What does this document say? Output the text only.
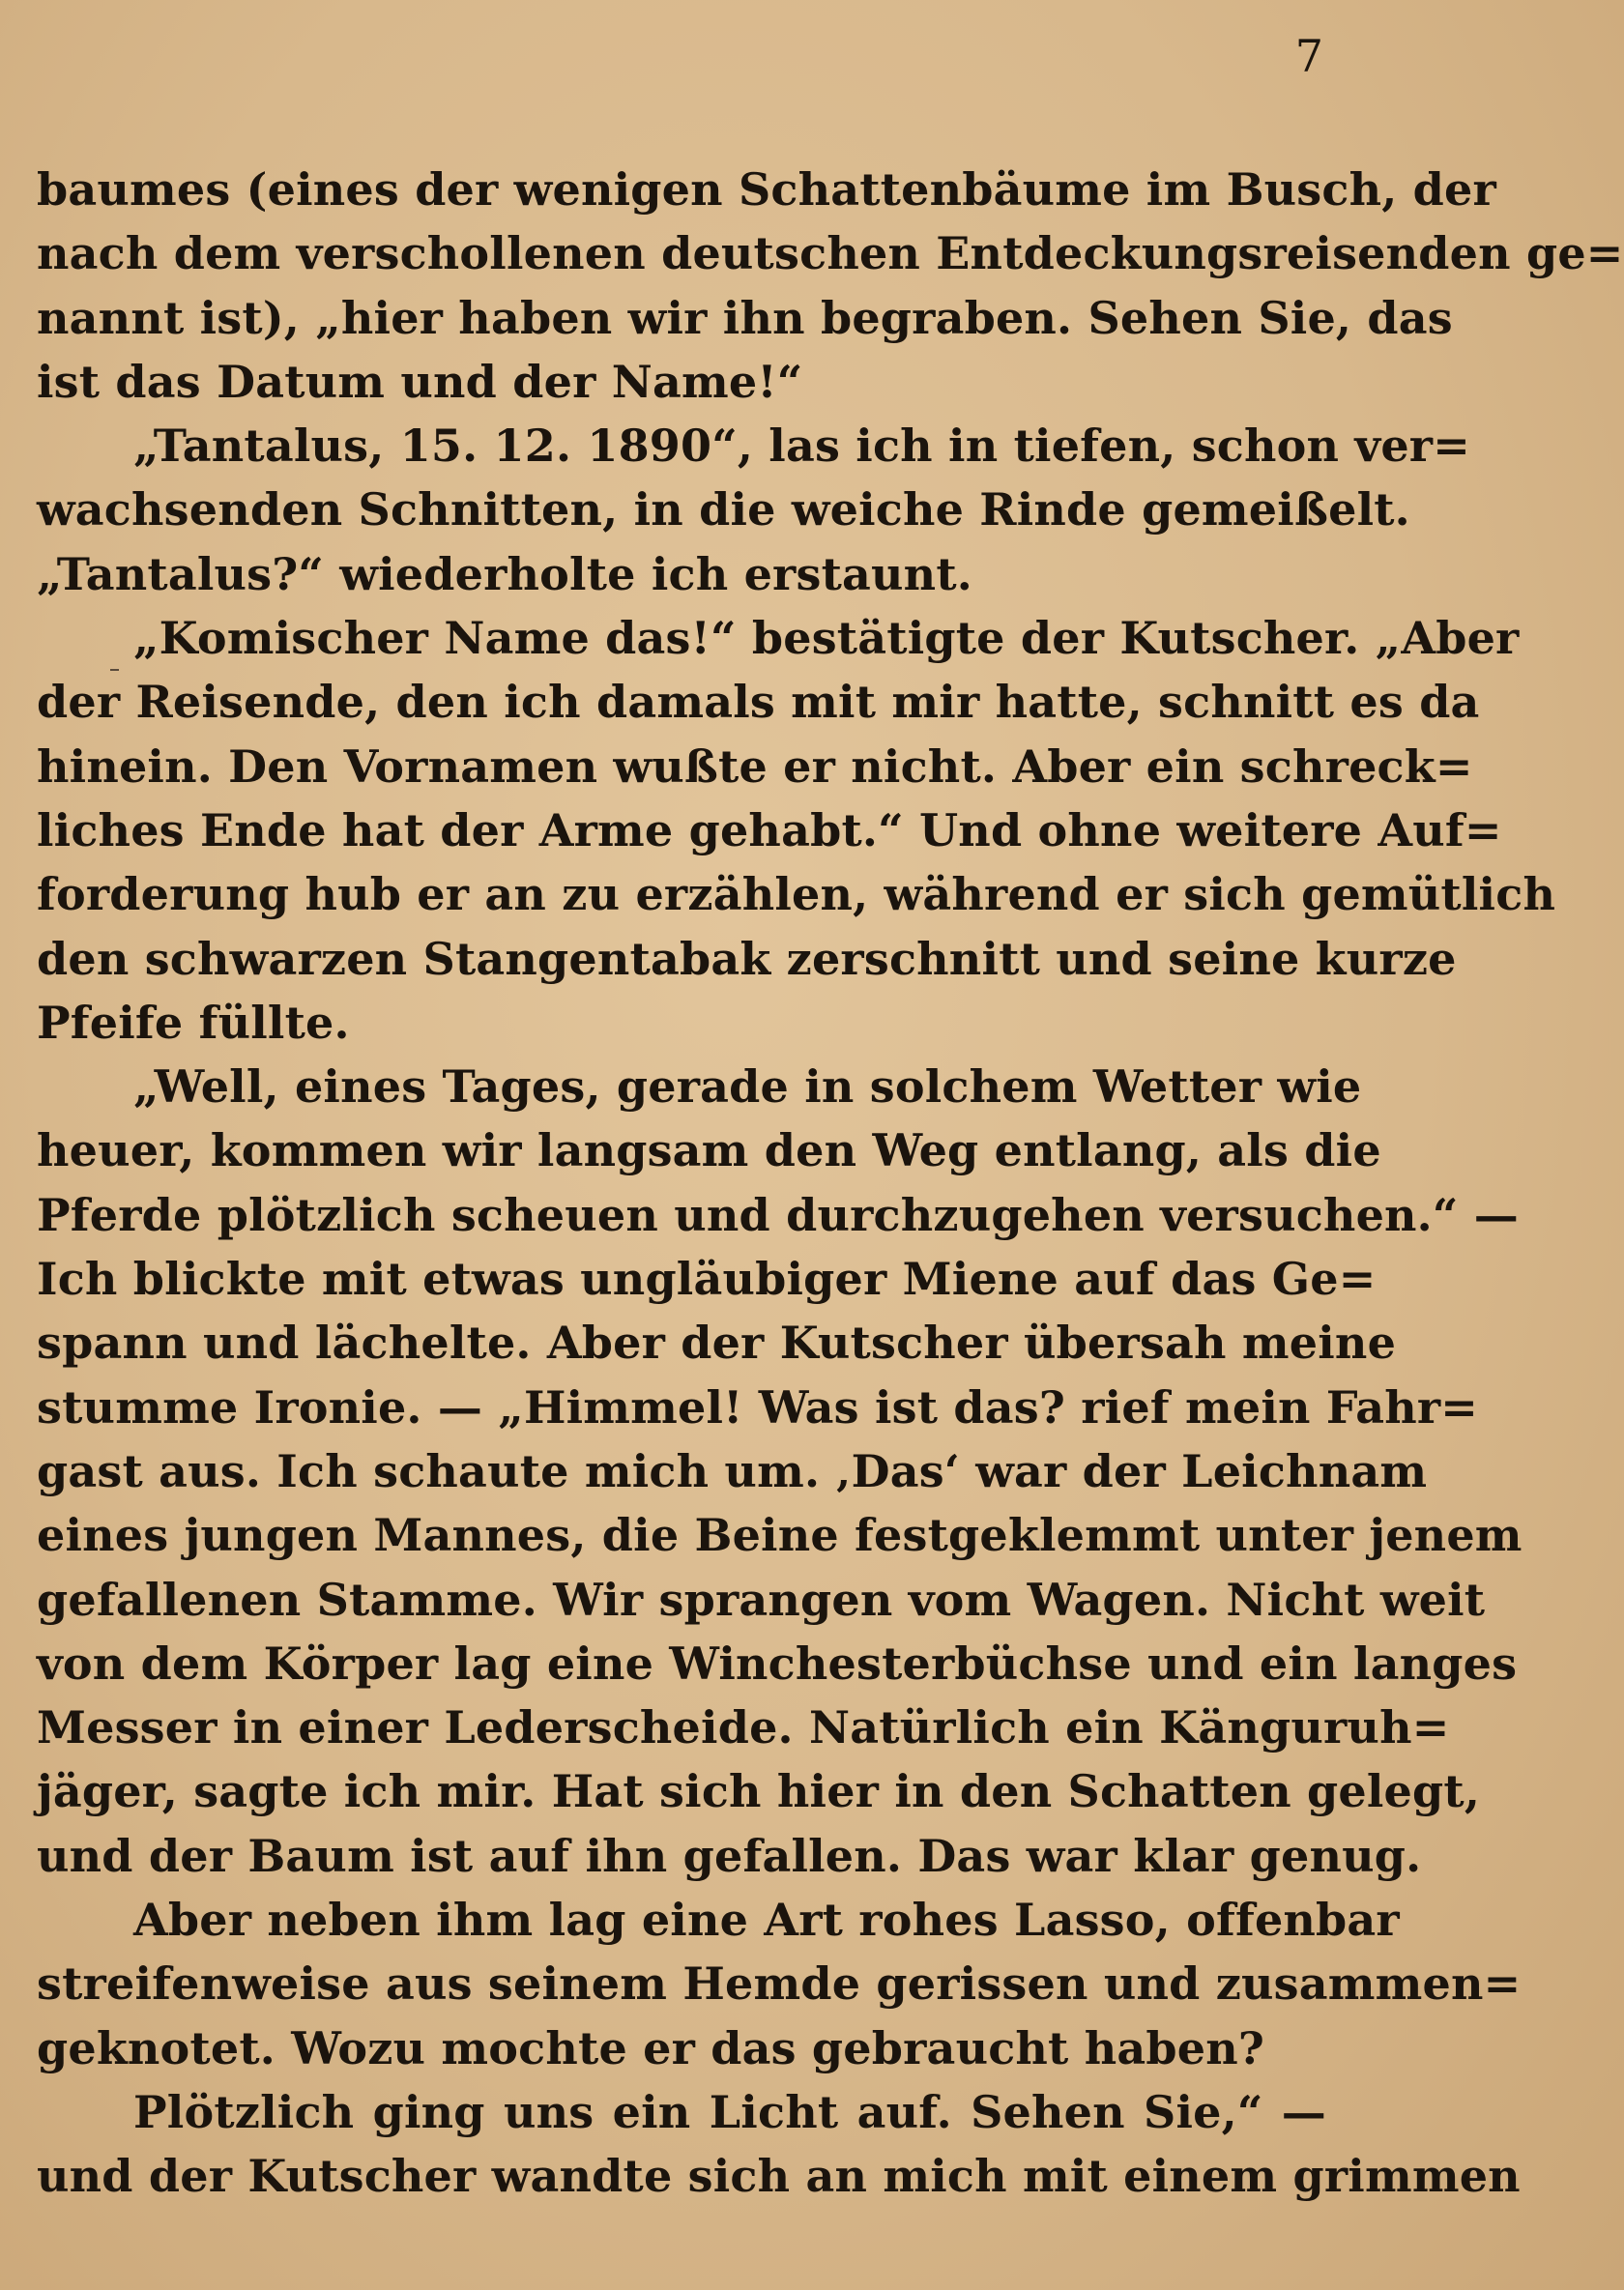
7
baumes (eines der wenigen Schattenbäume im Busch, der
nach dem verschollenen deutschen Entdeckungsreisenden ge=
nannt ist), „hier haben wir ihn begraben. Sehen Sie, das
ist das Datum und der Name!“
„Tantalus, 15. 12. 1890“, las ich in tiefen, schon ver=
wachsenden Schnitten, in die weiche Rinde gemeißelt.
„Tantalus?“ wiederholte ich erstaunt.
„Komischer Name das!“ bestätigte der Kutscher. „Aber
der Reisende, den ich damals mit mir hatte, schnitt es da
hinein. Den Vornamen wußte er nicht. Aber ein schreck=
liches Ende hat der Arme gehabt.“ Und ohne weitere Auf=
forderung hub er an zu erzählen, während er sich gemütlich
den schwarzen Stangentabak zerschnitt und seine kurze
Pfeife füllte.
„Well, eines Tages, gerade in solchem Wetter wie
heuer, kommen wir langsam den Weg entlang, als die
Pferde plötzlich scheuen und durchzugehen versuchen.“ —
Ich blickte mit etwas ungläubiger Miene auf das Ge=
spann und lächelte. Aber der Kutscher übersah meine
stumme Ironie. — „Himmel! Was ist das? rief mein Fahr=
gast aus. Ich schaute mich um. ‚Das‘ war der Leichnam
eines jungen Mannes, die Beine festgeklemmt unter jenem
gefallenen Stamme. Wir sprangen vom Wagen. Nicht weit
von dem Körper lag eine Winchesterbüchse und ein langes
Messer in einer Lederscheide. Natürlich ein Känguruh=
jäger, sagte ich mir. Hat sich hier in den Schatten gelegt,
und der Baum ist auf ihn gefallen. Das war klar genug.
Aber neben ihm lag eine Art rohes Lasso, offenbar
streifenweise aus seinem Hemde gerissen und zusammen=
geknotet. Wozu mochte er das gebraucht haben?
Plötzlich ging uns ein Licht auf. Sehen Sie,“ —
und der Kutscher wandte sich an mich mit einem grimmen
